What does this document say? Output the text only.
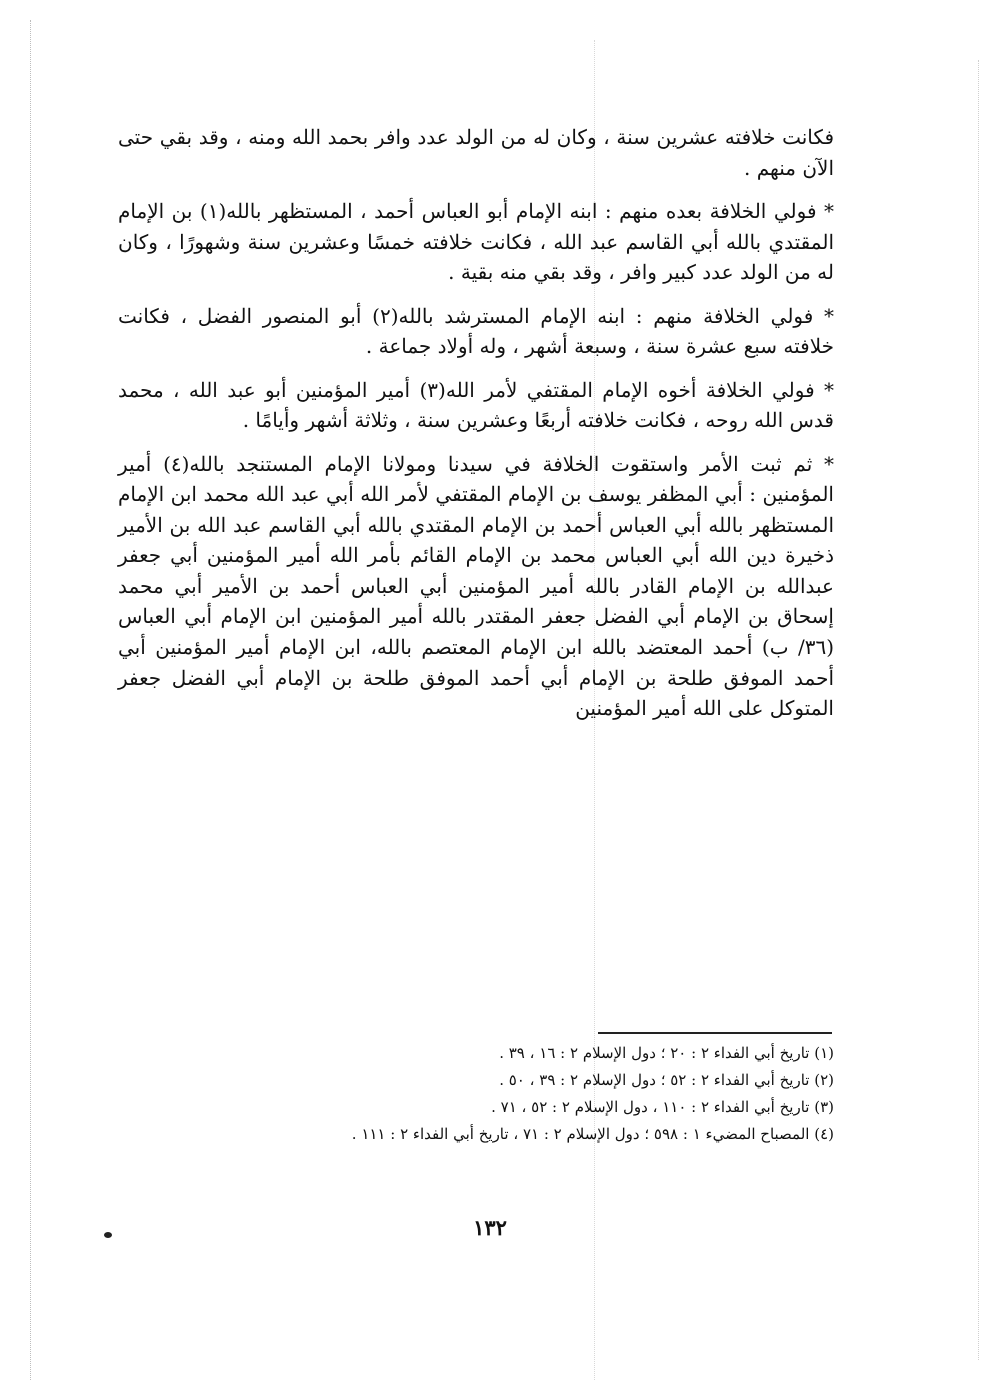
فكانت خلافته عشرين سنة ، وكان له من الولد عدد وافر بحمد الله ومنه ، وقد بقي حتى الآن منهم .

* فولي الخلافة بعده منهم : ابنه الإمام أبو العباس أحمد ، المستظهر بالله(١) بن الإمام المقتدي بالله أبي القاسم عبد الله ، فكانت خلافته خمسًا وعشرين سنة وشهورًا ، وكان له من الولد عدد كبير وافر ، وقد بقي منه بقية .

* فولي الخلافة منهم : ابنه الإمام المسترشد بالله(٢) أبو المنصور الفضل ، فكانت خلافته سبع عشرة سنة ، وسبعة أشهر ، وله أولاد جماعة .

* فولي الخلافة أخوه الإمام المقتفي لأمر الله(٣) أمير المؤمنين أبو عبد الله ، محمد قدس الله روحه ، فكانت خلافته أربعًا وعشرين سنة ، وثلاثة أشهر وأيامًا .

* ثم ثبت الأمر واستقوت الخلافة في سيدنا ومولانا الإمام المستنجد بالله(٤) أمير المؤمنين : أبي المظفر يوسف بن الإمام المقتفي لأمر الله أبي عبد الله محمد ابن الإمام المستظهر بالله أبي العباس أحمد بن الإمام المقتدي بالله أبي القاسم عبد الله بن الأمير ذخيرة دين الله أبي العباس محمد بن الإمام القائم بأمر الله أمير المؤمنين أبي جعفر عبدالله بن الإمام القادر بالله أمير المؤمنين أبي العباس أحمد بن الأمير أبي محمد إسحاق بن الإمام أبي الفضل جعفر المقتدر بالله أمير المؤمنين ابن الإمام أبي العباس (٣٦/ ب) أحمد المعتضد بالله ابن الإمام المعتصم بالله، ابن الإمام أمير المؤمنين أبي أحمد الموفق طلحة بن الإمام أبي أحمد الموفق طلحة بن الإمام أبي الفضل جعفر المتوكل على الله أمير المؤمنين

(١) تاريخ أبي الفداء ٢ : ٢٠ ؛ دول الإسلام ٢ : ١٦ ، ٣٩ .

(٢) تاريخ أبي الفداء ٢ : ٥٢ ؛ دول الإسلام ٢ : ٣٩ ، ٥٠ .

(٣) تاريخ أبي الفداء ٢ : ١١٠ ، دول الإسلام ٢ : ٥٢ ، ٧١ .

(٤) المصباح المضيء ١ : ٥٩٨ ؛ دول الإسلام ٢ : ٧١ ، تاريخ أبي الفداء ٢ : ١١١ .

١٣٢
